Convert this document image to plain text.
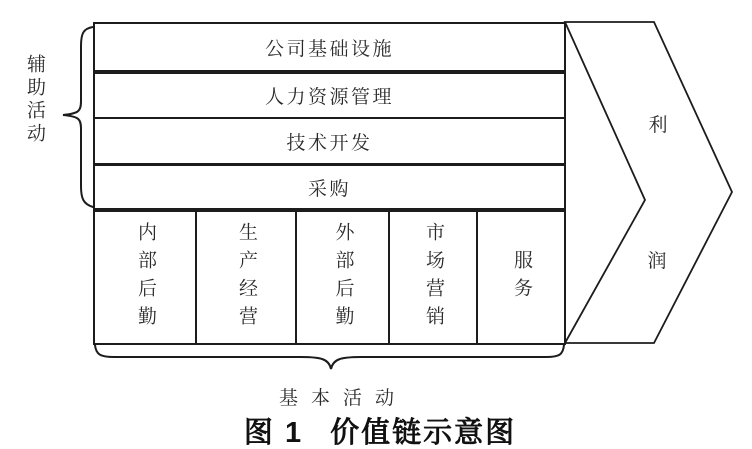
辅助活动
公司基础设施
人力资源管理
技术开发
采购
内部后勤	生产经营	外部后勤	市场营销	服务
利
润
基本活动
图 1 价值链示意图
